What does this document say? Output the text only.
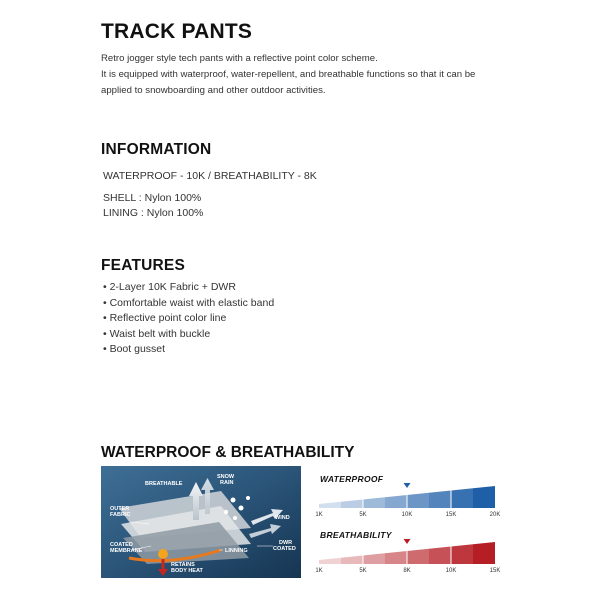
TRACK PANTS
Retro jogger style tech pants with a reflective point color scheme.
It is equipped with waterproof, water-repellent, and breathable functions so that it can be
applied to snowboarding and other outdoor activities.
INFORMATION
WATERPROOF - 10K / BREATHABILITY - 8K
SHELL : Nylon 100%
LINING : Nylon 100%
FEATURES
• 2-Layer 10K Fabric + DWR
• Comfortable waist with elastic band
• Reflective point color line
• Waist belt with buckle
• Boot gusset
WATERPROOF & BREATHABILITY
BREATHABLE
SNOW
RAIN
OUTER
FABRIC	WIND
COATED
MEMBRANE	LINNING
DWR
COATED
RETAINS
BODY HEAT
WATERPROOF
1K	5K	10K	15K	20K
BREATHABILITY
1K	5K	8K	10K	15K
